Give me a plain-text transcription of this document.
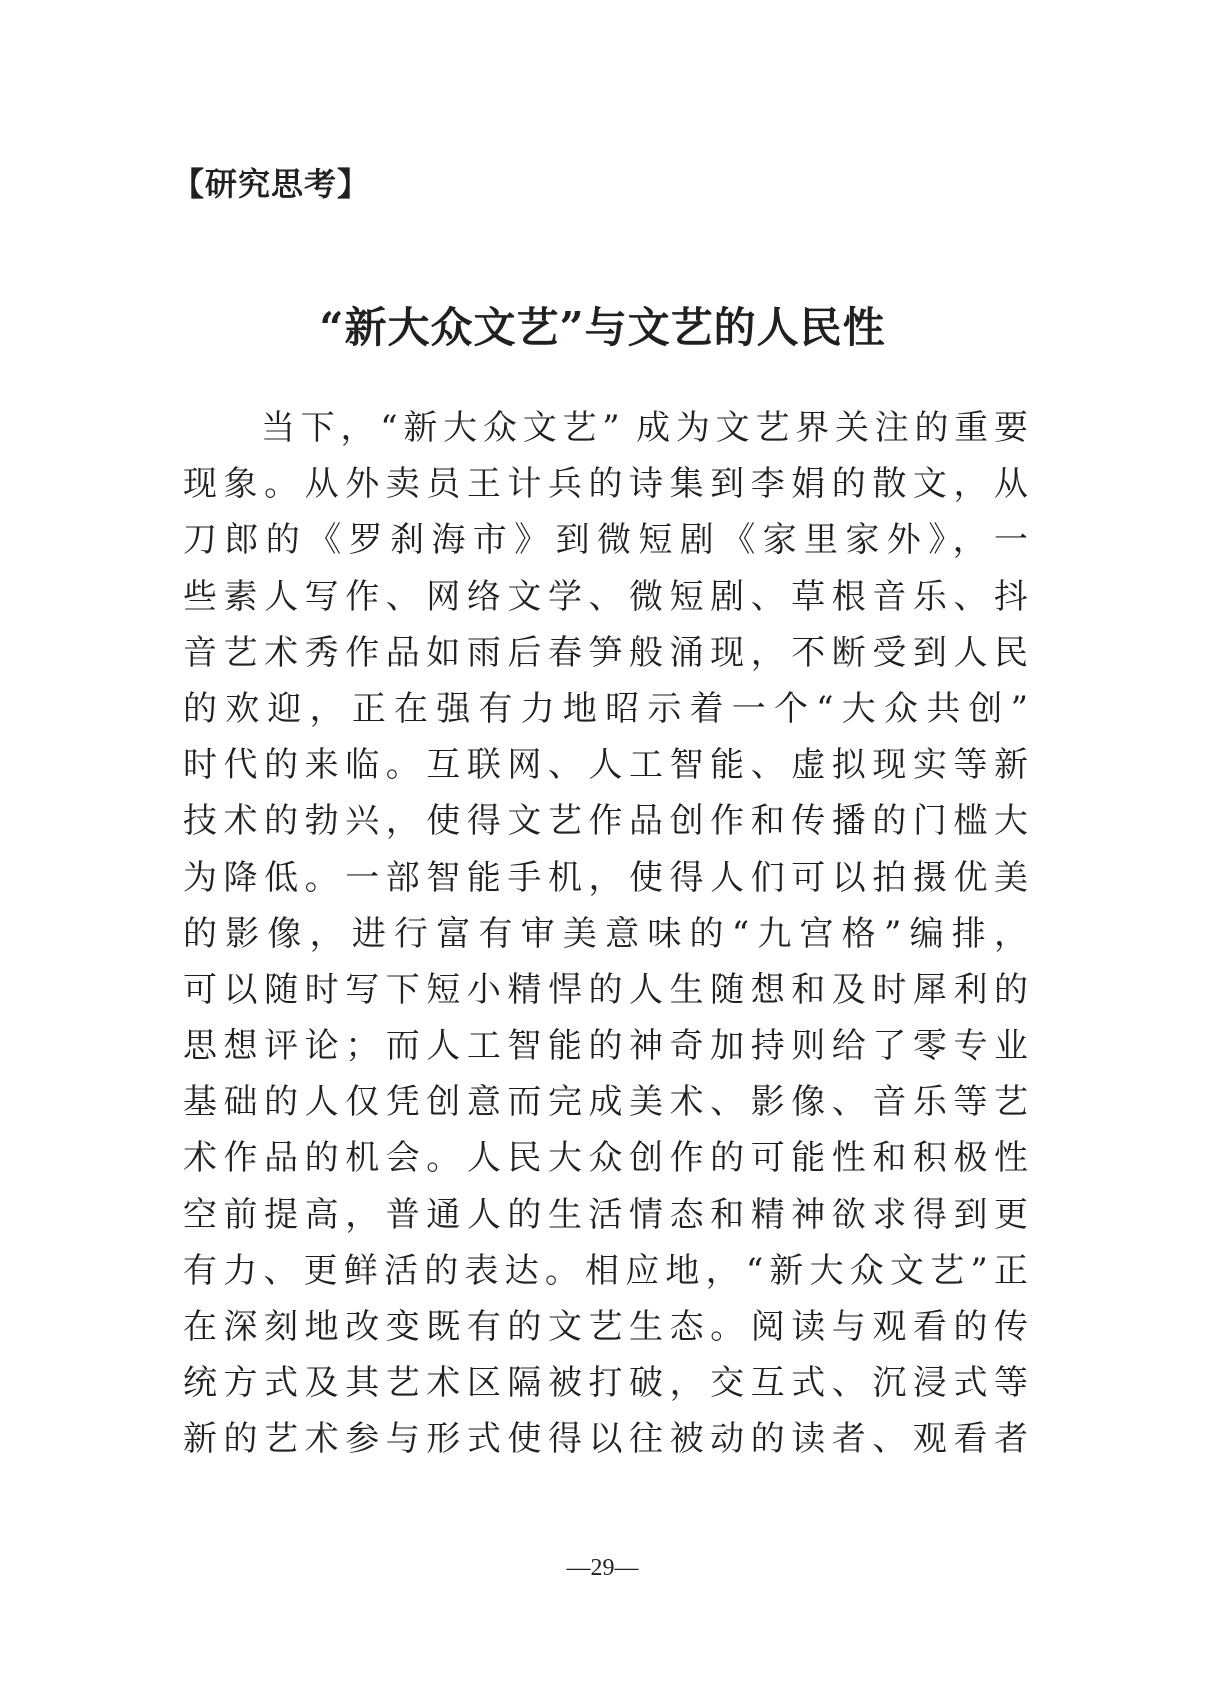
【研究思考】
“新大众文艺”与文艺的人民性
当下，“新大众文艺” 成为文艺界关注的重要
现象。从外卖员王计兵的诗集到李娟的散文，从
刀郎的《罗刹海市》到微短剧《家里家外》，一
些素人写作、网络文学、微短剧、草根音乐、抖
音艺术秀作品如雨后春笋般涌现，不断受到人民
的欢迎，正在强有力地昭示着一个“大众共创”
时代的来临。互联网、人工智能、虚拟现实等新
技术的勃兴，使得文艺作品创作和传播的门槛大
为降低。一部智能手机，使得人们可以拍摄优美
的影像，进行富有审美意味的“九宫格”编排，
可以随时写下短小精悍的人生随想和及时犀利的
思想评论；而人工智能的神奇加持则给了零专业
基础的人仅凭创意而完成美术、影像、音乐等艺
术作品的机会。人民大众创作的可能性和积极性
空前提高，普通人的生活情态和精神欲求得到更
有力、更鲜活的表达。相应地，“新大众文艺”正
在深刻地改变既有的文艺生态。阅读与观看的传
统方式及其艺术区隔被打破，交互式、沉浸式等
新的艺术参与形式使得以往被动的读者、观看者
—29—
